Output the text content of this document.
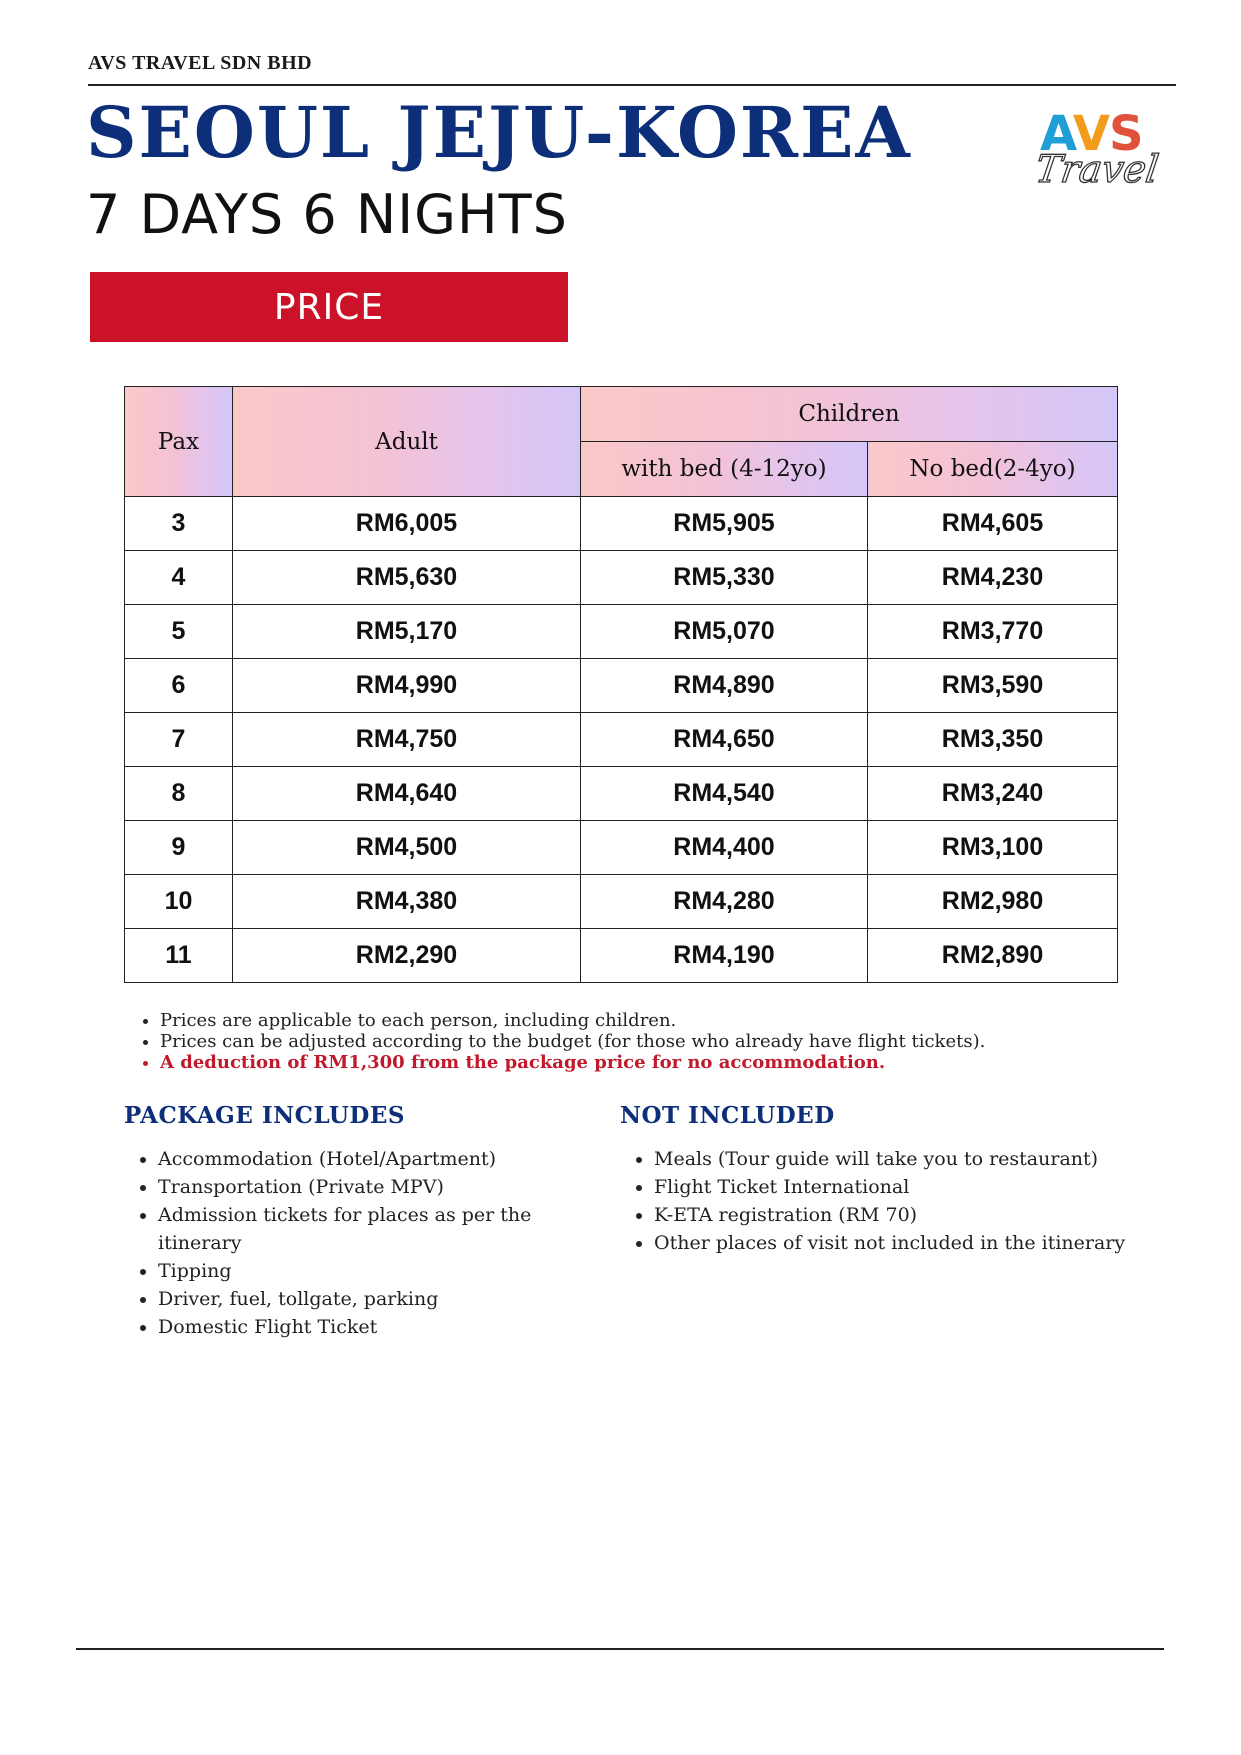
AVS TRAVEL SDN BHD
SEOUL JEJU-KOREA
7 DAYS 6 NIGHTS
AVS
Travel
PRICE
Pax	Adult	Children	
		with bed (4-12yo)	No bed(2-4yo)
3	RM6,005	RM5,905	RM4,605
4	RM5,630	RM5,330	RM4,230
5	RM5,170	RM5,070	RM3,770
6	RM4,990	RM4,890	RM3,590
7	RM4,750	RM4,650	RM3,350
8	RM4,640	RM4,540	RM3,240
9	RM4,500	RM4,400	RM3,100
10	RM4,380	RM4,280	RM2,980
11	RM2,290	RM4,190	RM2,890
• Prices are applicable to each person, including children.
• Prices can be adjusted according to the budget (for those who already have flight tickets).
• A deduction of RM1,300 from the package price for no accommodation.
PACKAGE INCLUDES
• Accommodation (Hotel/Apartment)
• Transportation (Private MPV)
• Admission tickets for places as per the itinerary
• Tipping
• Driver, fuel, tollgate, parking
• Domestic Flight Ticket
NOT INCLUDED
• Meals (Tour guide will take you to restaurant)
• Flight Ticket International
• K-ETA registration (RM 70)
• Other places of visit not included in the itinerary
